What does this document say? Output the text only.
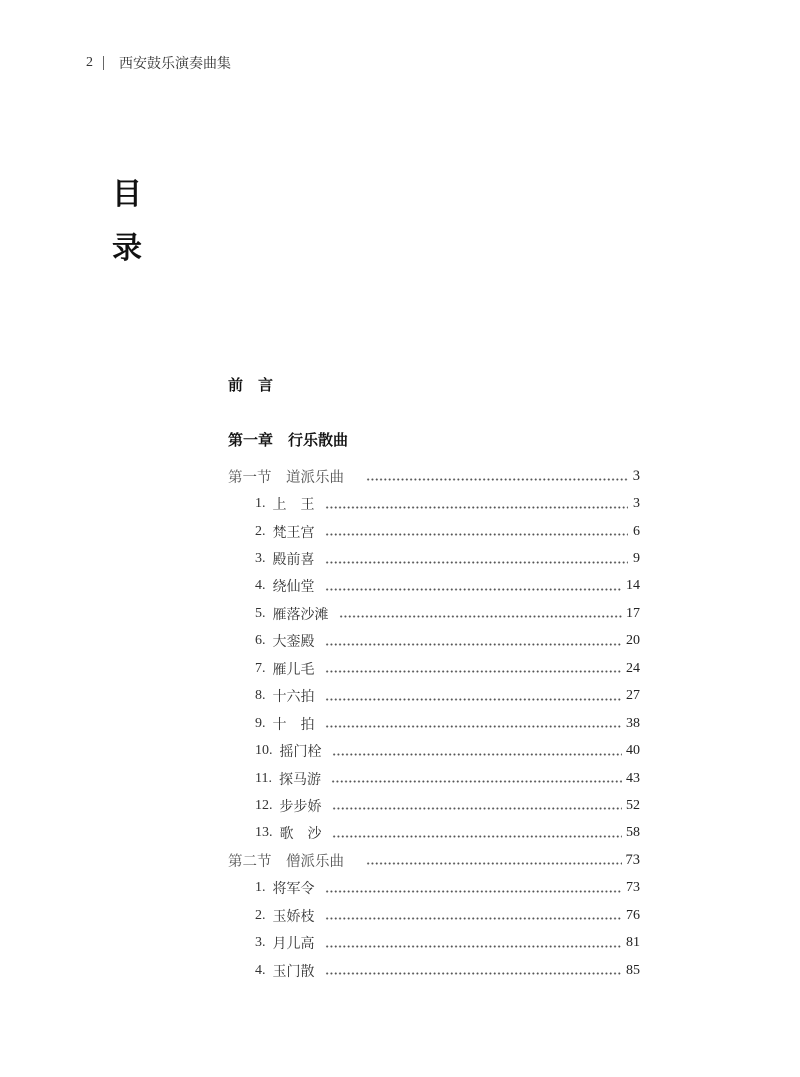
2 西安鼓乐演奏曲集
目
录
前　言
第一章　行乐散曲
第一节　道派乐曲	3
1. 上　王	3
2. 梵王宫	6
3. 殿前喜	9
4. 绕仙堂	14
5. 雁落沙滩	17
6. 大銮殿	20
7. 雁儿毛	24
8. 十六拍	27
9. 十　拍	38
10. 摇门栓	40
11. 探马游	43
12. 步步娇	52
13. 歌　沙	58
第二节　僧派乐曲	73
1. 将军令	73
2. 玉娇枝	76
3. 月儿高	81
4. 玉门散	85
